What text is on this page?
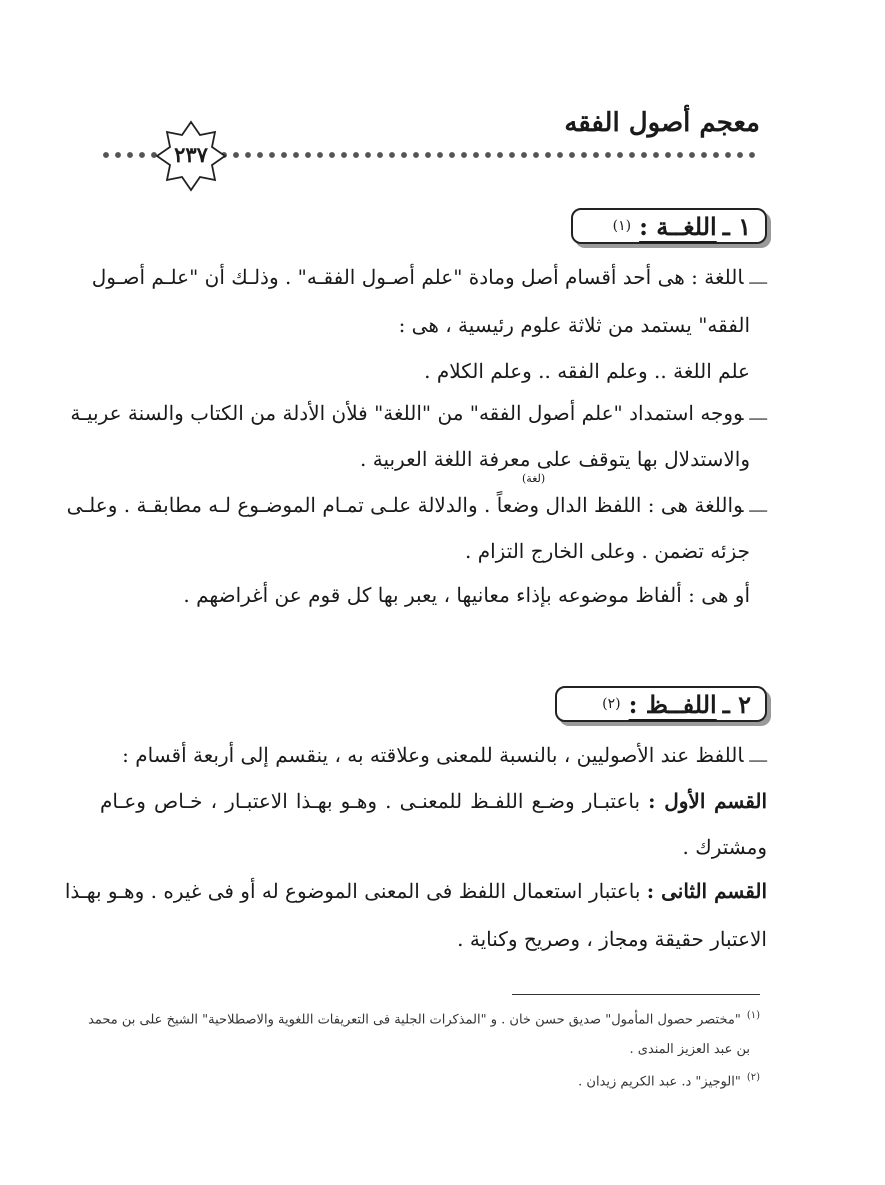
معجم أصول الفقه
٢٣٧
١ ـ
اللغــة :
(١)
ـــاللغة : هى أحد أقسام أصل ومادة "علم أصـول الفقـه" . وذلـك أن "علـم أصـول
الفقه" يستمد من ثلاثة علوم رئيسية ، هى :
علم اللغة .. وعلم الفقه .. وعلم الكلام .
ـــووجه استمداد "علم أصول الفقه" من "اللغة" فلأن الأدلة من الكتاب والسنة عربيـة
والاستدلال بها يتوقف على معرفة اللغة العربية .
(لغة)
ـــواللغة هى : اللفظ الدال وضعاً . والدلالة علـى تمـام الموضـوع لـه مطابقـة . وعلـى
جزئه تضمن . وعلى الخارج التزام .
أو هى : ألفاظ موضوعه بإذاء معانيها ، يعبر بها كل قوم عن أغراضهم .
٢ ـ
اللفــظ :
(٢)
ـــاللفظ عند الأصوليين ، بالنسبة للمعنى وعلاقته به ، ينقسم إلى أربعة أقسام :
القسم الأول : باعتبـار وضـع اللفـظ للمعنـى . وهـو بهـذا الاعتبـار ، خـاص وعـام
ومشترك .
القسم الثانى : باعتبار استعمال اللفظ فى المعنى الموضوع له أو فى غيره . وهـو بهـذا
الاعتبار حقيقة ومجاز ، وصريح وكناية .
$^{(١)}$"مختصر حصول المأمول" صديق حسن خان . و "المذكرات الجلية فى التعريفات اللغوية والاصطلاحية" الشيخ على بن محمد
بن عبد العزيز المندى .
$^{(٢)}$"الوجيز" د. عبد الكريم زيدان .
